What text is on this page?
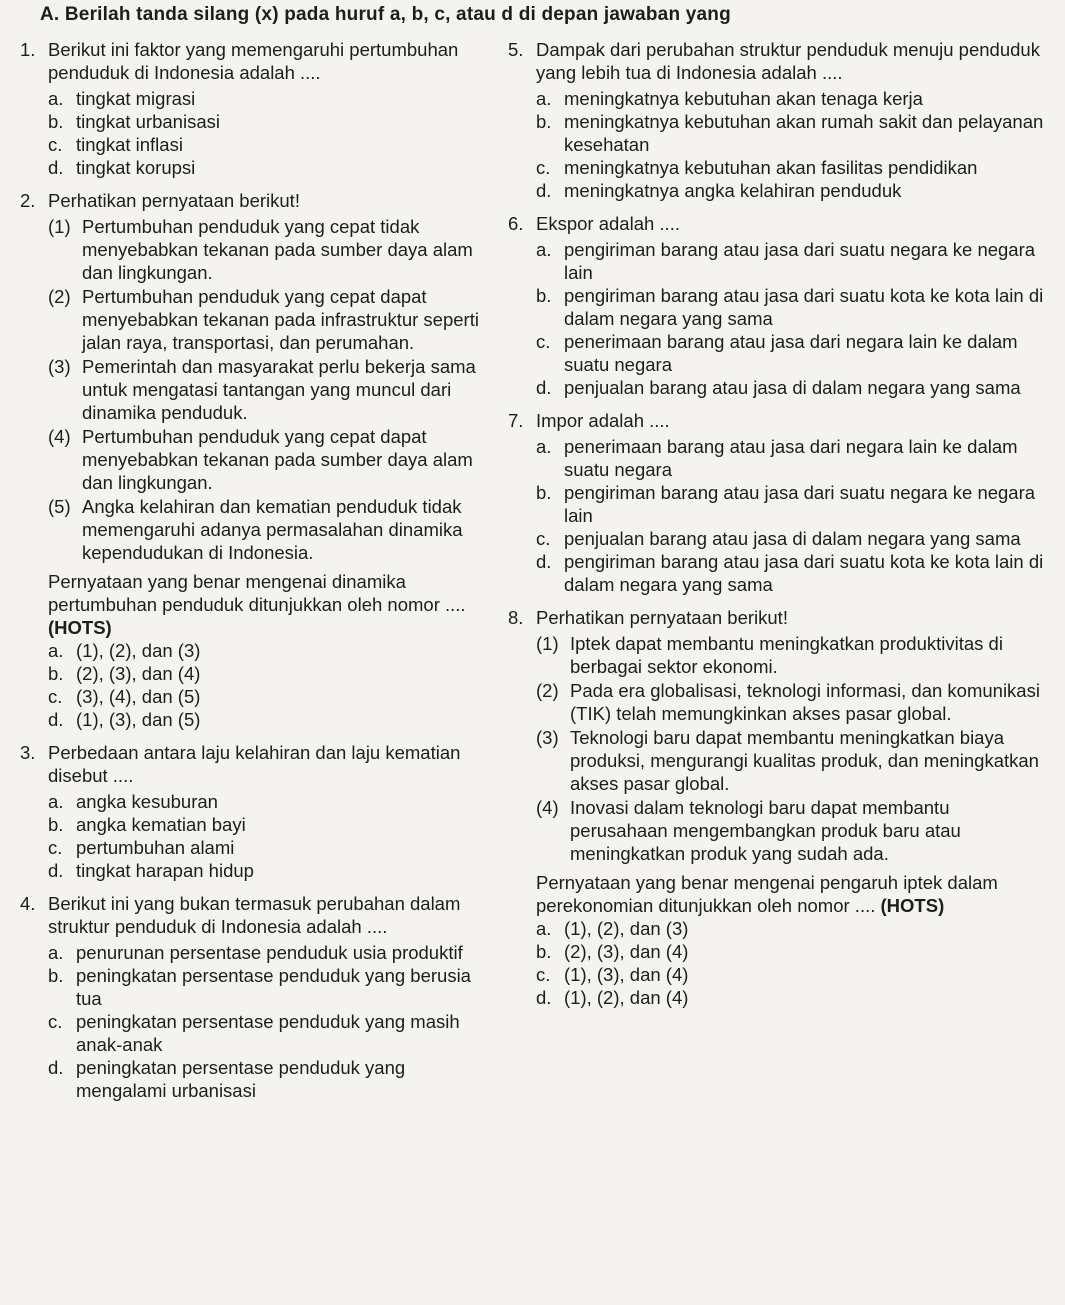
A. Berilah tanda silang (x) pada huruf a, b, c, atau d di depan jawaban yang
1. Berikut ini faktor yang memengaruhi pertumbuhan penduduk di Indonesia adalah ....
a. tingkat migrasi
b. tingkat urbanisasi
c. tingkat inflasi
d. tingkat korupsi
2. Perhatikan pernyataan berikut!
(1) Pertumbuhan penduduk yang cepat tidak menyebabkan tekanan pada sumber daya alam dan lingkungan.
(2) Pertumbuhan penduduk yang cepat dapat menyebabkan tekanan pada infrastruktur seperti jalan raya, transportasi, dan perumahan.
(3) Pemerintah dan masyarakat perlu bekerja sama untuk mengatasi tantangan yang muncul dari dinamika penduduk.
(4) Pertumbuhan penduduk yang cepat dapat menyebabkan tekanan pada sumber daya alam dan lingkungan.
(5) Angka kelahiran dan kematian penduduk tidak memengaruhi adanya permasalahan dinamika kependudukan di Indonesia.
Pernyataan yang benar mengenai dinamika pertumbuhan penduduk ditunjukkan oleh nomor .... (HOTS)
a. (1), (2), dan (3)
b. (2), (3), dan (4)
c. (3), (4), dan (5)
d. (1), (3), dan (5)
3. Perbedaan antara laju kelahiran dan laju kematian disebut ....
a. angka kesuburan
b. angka kematian bayi
c. pertumbuhan alami
d. tingkat harapan hidup
4. Berikut ini yang bukan termasuk perubahan dalam struktur penduduk di Indonesia adalah ....
a. penurunan persentase penduduk usia produktif
b. peningkatan persentase penduduk yang berusia tua
c. peningkatan persentase penduduk yang masih anak-anak
d. peningkatan persentase penduduk yang mengalami urbanisasi
5. Dampak dari perubahan struktur penduduk menuju penduduk yang lebih tua di Indonesia adalah ....
a. meningkatnya kebutuhan akan tenaga kerja
b. meningkatnya kebutuhan akan rumah sakit dan pelayanan kesehatan
c. meningkatnya kebutuhan akan fasilitas pendidikan
d. meningkatnya angka kelahiran penduduk
6. Ekspor adalah ....
a. pengiriman barang atau jasa dari suatu negara ke negara lain
b. pengiriman barang atau jasa dari suatu kota ke kota lain di dalam negara yang sama
c. penerimaan barang atau jasa dari negara lain ke dalam suatu negara
d. penjualan barang atau jasa di dalam negara yang sama
7. Impor adalah ....
a. penerimaan barang atau jasa dari negara lain ke dalam suatu negara
b. pengiriman barang atau jasa dari suatu negara ke negara lain
c. penjualan barang atau jasa di dalam negara yang sama
d. pengiriman barang atau jasa dari suatu kota ke kota lain di dalam negara yang sama
8. Perhatikan pernyataan berikut!
(1) Iptek dapat membantu meningkatkan produktivitas di berbagai sektor ekonomi.
(2) Pada era globalisasi, teknologi informasi, dan komunikasi (TIK) telah memungkinkan akses pasar global.
(3) Teknologi baru dapat membantu meningkatkan biaya produksi, mengurangi kualitas produk, dan meningkatkan akses pasar global.
(4) Inovasi dalam teknologi baru dapat membantu perusahaan mengembangkan produk baru atau meningkatkan produk yang sudah ada.
Pernyataan yang benar mengenai pengaruh iptek dalam perekonomian ditunjukkan oleh nomor .... (HOTS)
a. (1), (2), dan (3)
b. (2), (3), dan (4)
c. (1), (3), dan (4)
d. (1), (2), dan (4)
